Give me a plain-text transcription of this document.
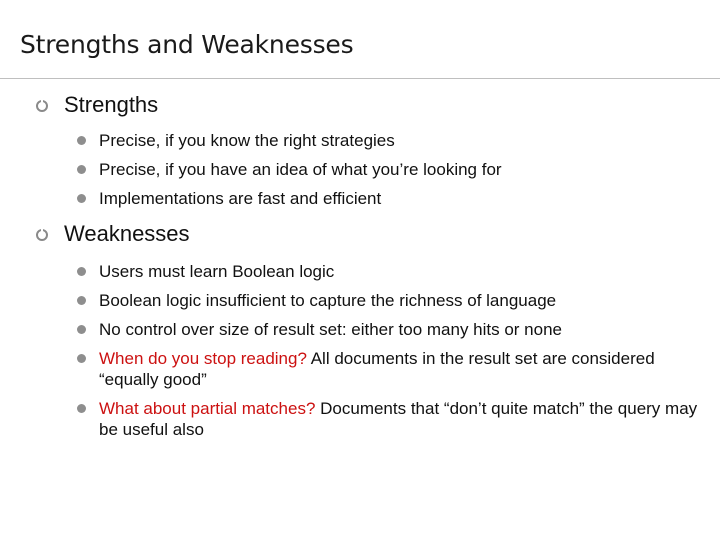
Strengths and Weaknesses
Strengths
Precise, if you know the right strategies
Precise, if you have an idea of what you’re looking for
Implementations are fast and efficient
Weaknesses
Users must learn Boolean logic
Boolean logic insufficient to capture the richness of language
No control over size of result set: either too many hits or none
When do you stop reading? All documents in the result set are considered “equally good”
What about partial matches? Documents that “don’t quite match” the query may be useful also
